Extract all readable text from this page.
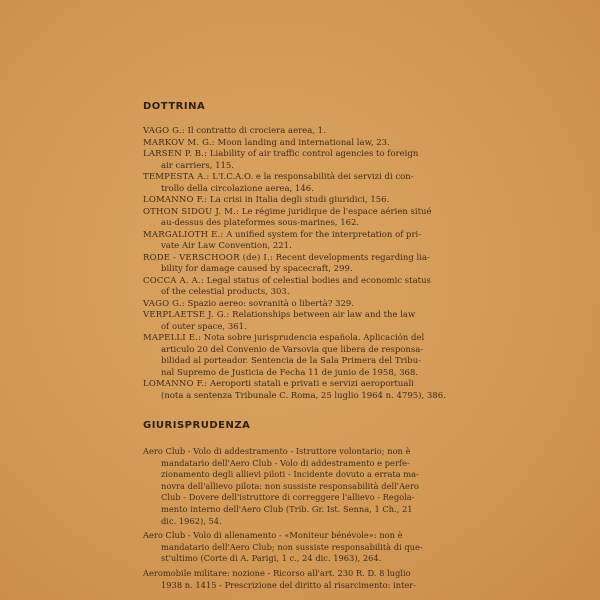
DOTTRINA

VAGO G.: Il contratto di crociera aerea, 1.

MARKOV M. G.: Moon landing and international law, 23.

LARSEN P. B.: Liability of air traffic control agencies to foreign
air carriers, 115.

TEMPESTA A.: L'I.C.A.O. e la responsabilità dei servizi di con-
trollo della circolazione aerea, 146.

LOMANNO F.: La crisi in Italia degli studi giuridici, 156.

OTHON SIDOU J. M.: Le régime juridique de l'espace aérien situé
au-dessus des plateformes sous-marines, 162.

MARGALIOTH E.: A unified system for the interpretation of pri-
vate Air Law Convention, 221.

RODE - VERSCHOOR (de) I.: Recent developments regarding lia-
bility for damage caused by spacecraft, 299.

COCCA A. A.: Legal status of celestial bodies and economic status
of the celestial products, 303.

VAGO G.: Spazio aereo: sovranità o libertà? 329.

VERPLAETSE J. G.: Relationships between air law and the law
of outer space, 361.

MAPELLI E.: Nota sobre jurisprudencia española. Aplicación del
articulo 20 del Convenio de Varsovia que libera de responsa-
bilidad al porteador. Sentencia de la Sala Primera del Tribu-
nal Supremo de Justicia de Fecha 11 de junio de 1958, 368.

LOMANNO F.: Aeroporti statali e privati e servizi aeroportuali
(nota a sentenza Tribunale C. Roma, 25 luglio 1964 n. 4795), 386.

GIURISPRUDENZA

Aero Club - Volo di addestramento - Istruttore volontario; non è
mandatario dell'Aero Club - Volo di addestramento e perfe-
zionamento degli allievi piloti - Incidente dovuto a errata ma-
novra dell'allievo pilota: non sussiste responsabilità dell'Aero
Club - Dovere dell'istruttore di correggere l'allievo - Regola-
mento interno dell'Aero Club (Trib. Gr. Ist. Senna, 1 Ch., 21
dic. 1962), 54.

Aero Club - Volo di allenamento - «Moniteur bénévole»: non è
mandatario dell'Aero Club; non sussiste responsabilità di que-
st'ultimo (Corte di A. Parigi, 1 c., 24 dic. 1963), 264.

Aeromobile militare: nozione - Ricorso all'art. 230 R. D. 8 luglio
1938 n. 1415 - Prescrizione del diritto al risarcimento: inter-
